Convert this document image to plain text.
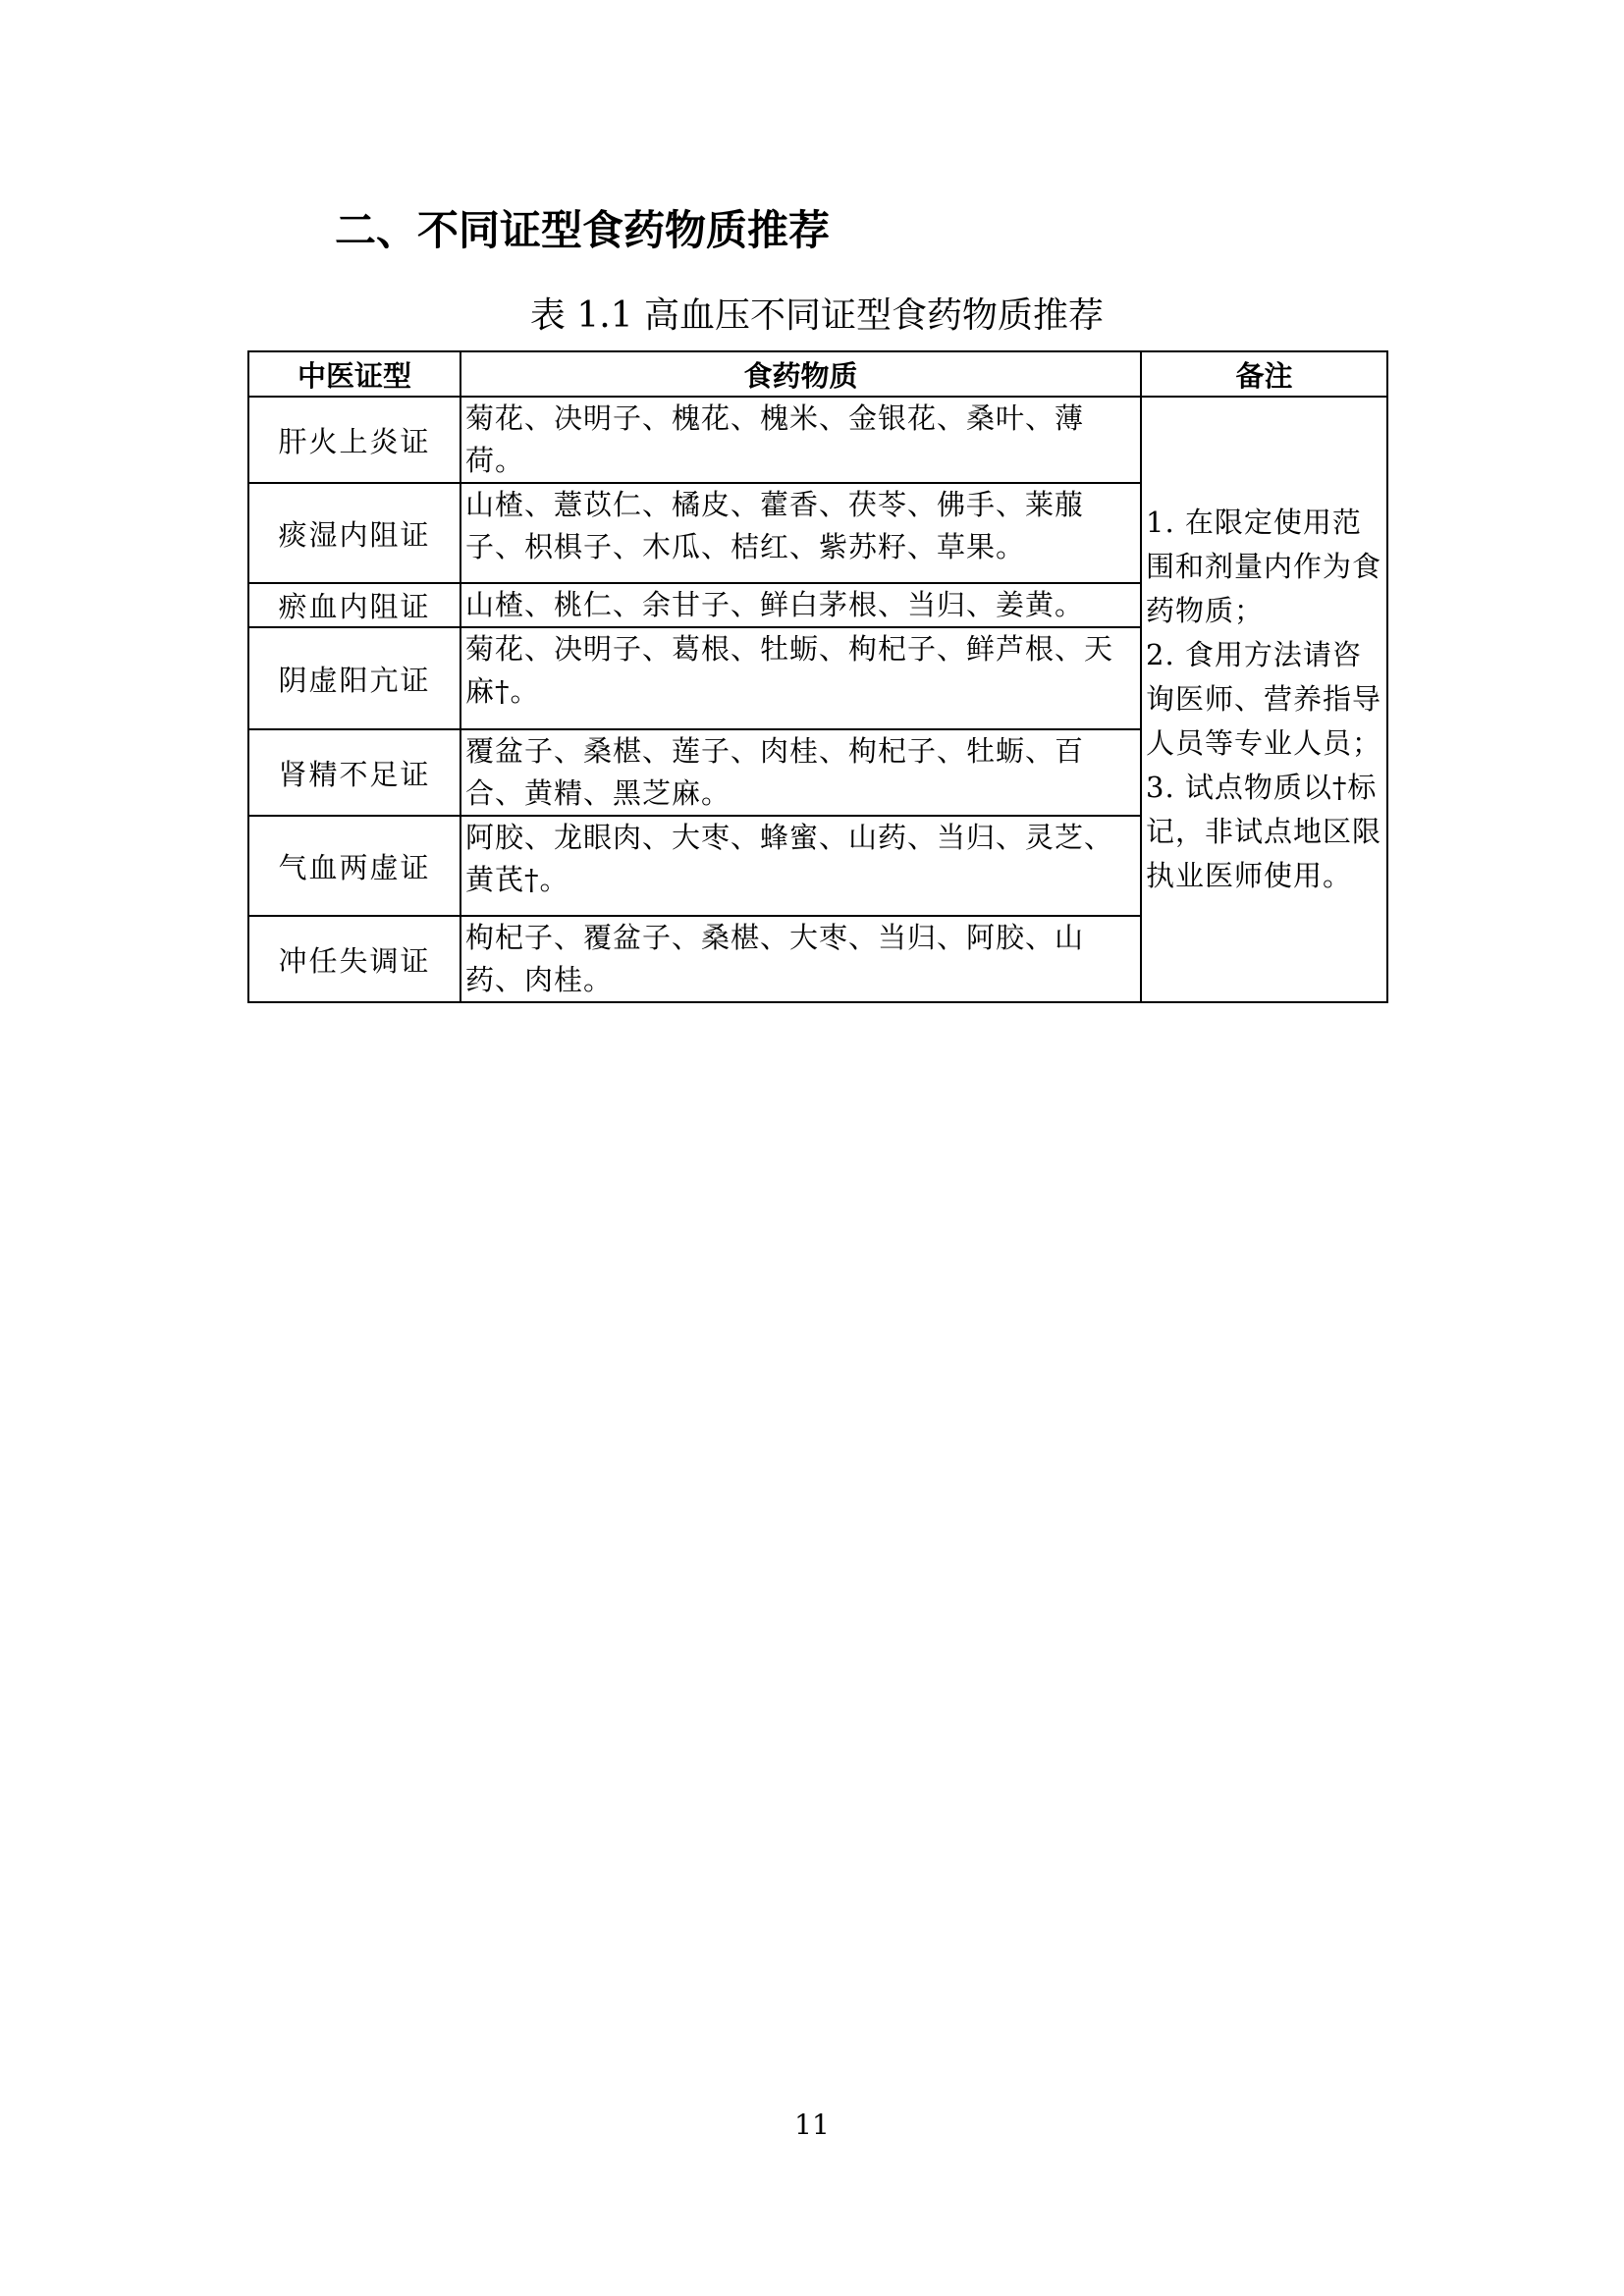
二、不同证型食药物质推荐
表 1.1 高血压不同证型食药物质推荐
中医证型	食药物质	备注
肝火上炎证	菊花、决明子、槐花、槐米、金银花、桑叶、薄荷。	1. 在限定使用范围和剂量内作为食药物质；
2. 食用方法请咨询医师、营养指导人员等专业人员；
3. 试点物质以†标记，非试点地区限执业医师使用。

痰湿内阻证	山楂、薏苡仁、橘皮、藿香、茯苓、佛手、莱菔子、枳椇子、木瓜、桔红、紫苏籽、草果。	
瘀血内阻证	山楂、桃仁、余甘子、鲜白茅根、当归、姜黄。	
阴虚阳亢证	菊花、决明子、葛根、牡蛎、枸杞子、鲜芦根、天麻†。	
肾精不足证	覆盆子、桑椹、莲子、肉桂、枸杞子、牡蛎、百合、黄精、黑芝麻。	
气血两虚证	阿胶、龙眼肉、大枣、蜂蜜、山药、当归、灵芝、黄芪†。	
冲任失调证	枸杞子、覆盆子、桑椹、大枣、当归、阿胶、山药、肉桂。	
11
